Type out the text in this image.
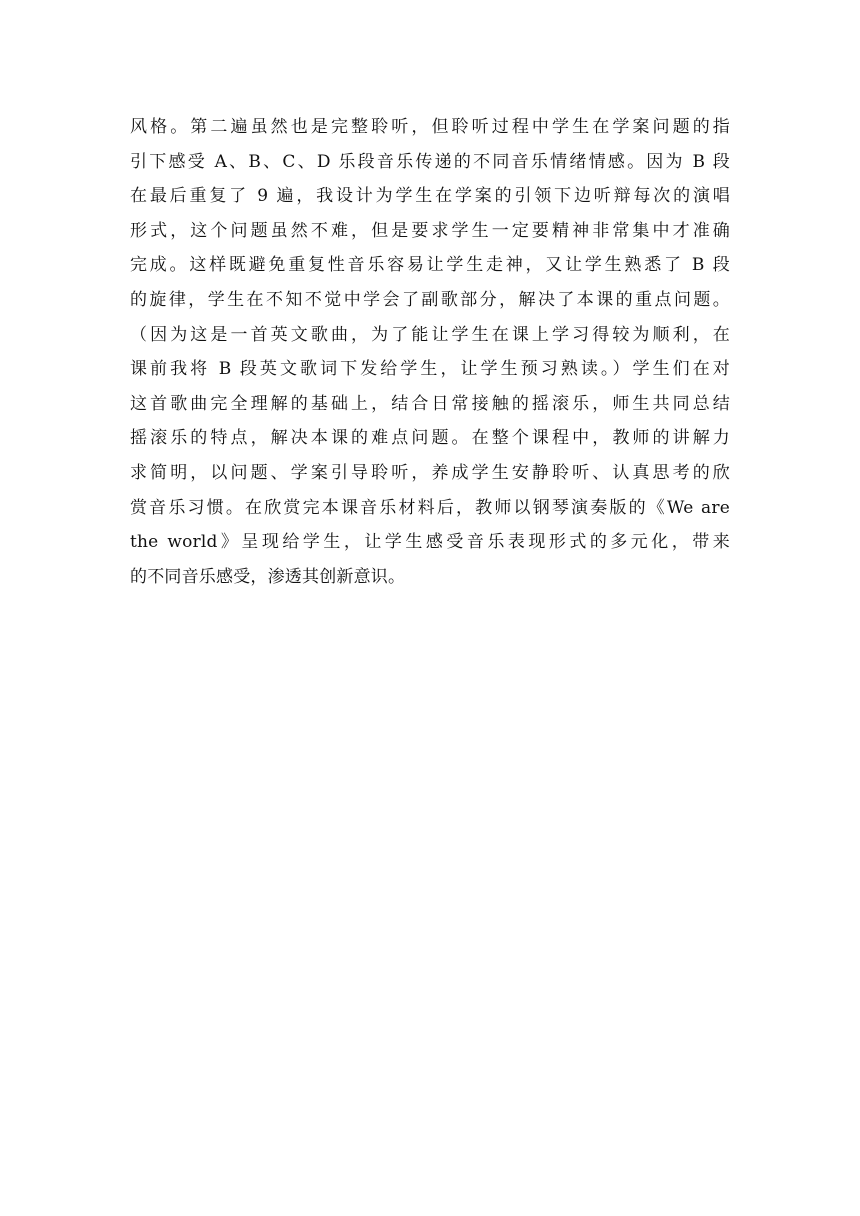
风格。第二遍虽然也是完整聆听，但聆听过程中学生在学案问题的指
引下感受 A、B、C、D 乐段音乐传递的不同音乐情绪情感。因为 B 段
在最后重复了 9 遍，我设计为学生在学案的引领下边听辩每次的演唱
形式，这个问题虽然不难，但是要求学生一定要精神非常集中才准确
完成。这样既避免重复性音乐容易让学生走神，又让学生熟悉了 B 段
的旋律，学生在不知不觉中学会了副歌部分，解决了本课的重点问题。
（因为这是一首英文歌曲，为了能让学生在课上学习得较为顺利，在
课前我将 B 段英文歌词下发给学生，让学生预习熟读。）学生们在对
这首歌曲完全理解的基础上，结合日常接触的摇滚乐，师生共同总结
摇滚乐的特点，解决本课的难点问题。在整个课程中，教师的讲解力
求简明，以问题、学案引导聆听，养成学生安静聆听、认真思考的欣
赏音乐习惯。在欣赏完本课音乐材料后，教师以钢琴演奏版的《We are
the world》呈现给学生，让学生感受音乐表现形式的多元化，带来
的不同音乐感受，渗透其创新意识。
